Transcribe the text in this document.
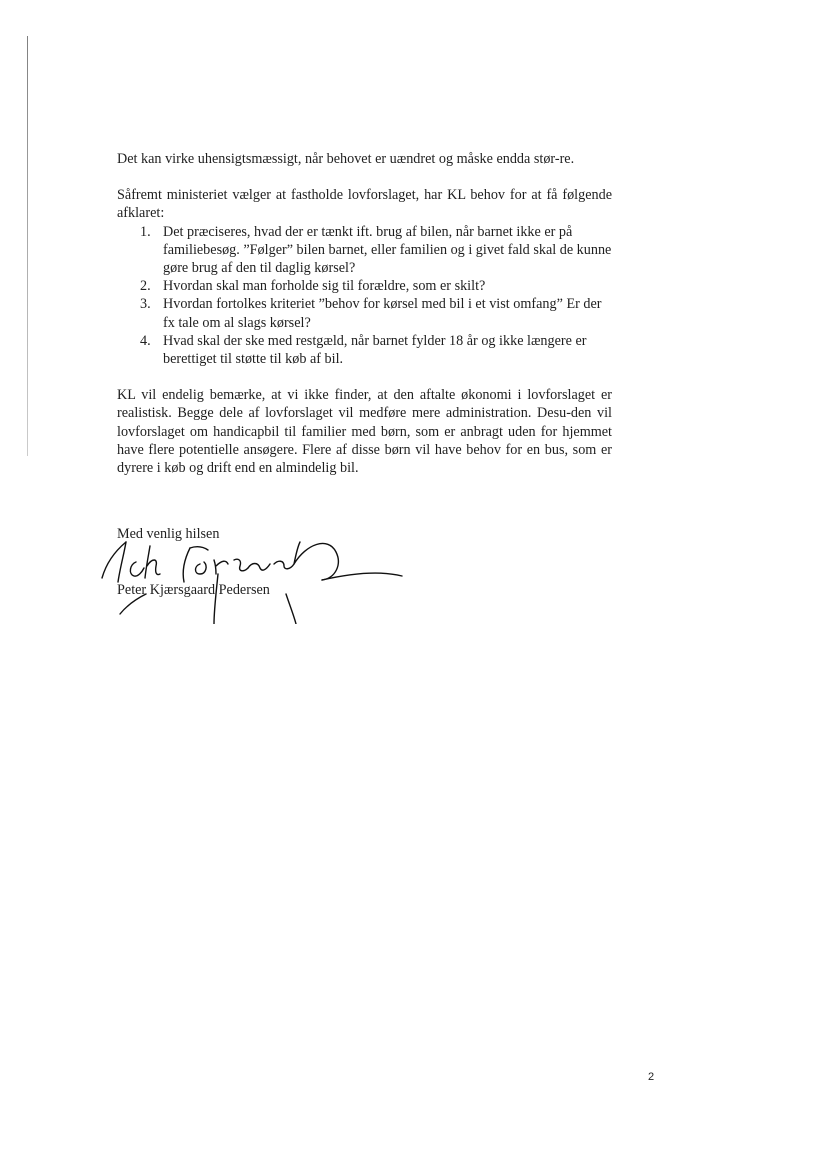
Det kan virke uhensigtsmæssigt, når behovet er uændret og måske endda stør-re.

Såfremt ministeriet vælger at fastholde lovforslaget, har KL behov for at få følgende afklaret:

1. Det præciseres, hvad der er tænkt ift. brug af bilen, når barnet ikke er på familiebesøg. ”Følger” bilen barnet, eller familien og i givet fald skal de kunne gøre brug af den til daglig kørsel?
2. Hvordan skal man forholde sig til forældre, som er skilt?
3. Hvordan fortolkes kriteriet ”behov for kørsel med bil i et vist omfang” Er der fx tale om al slags kørsel?
4. Hvad skal der ske med restgæld, når barnet fylder 18 år og ikke længere er berettiget til støtte til køb af bil.

KL vil endelig bemærke, at vi ikke finder, at den aftalte økonomi i lovforslaget er realistisk. Begge dele af lovforslaget vil medføre mere administration. Desu-den vil lovforslaget om handicapbil til familier med børn, som er anbragt uden for hjemmet have flere potentielle ansøgere. Flere af disse børn vil have behov for en bus, som er dyrere i køb og drift end en almindelig bil.

Med venlig hilsen
Peter Kjærsgaard Pedersen
2
